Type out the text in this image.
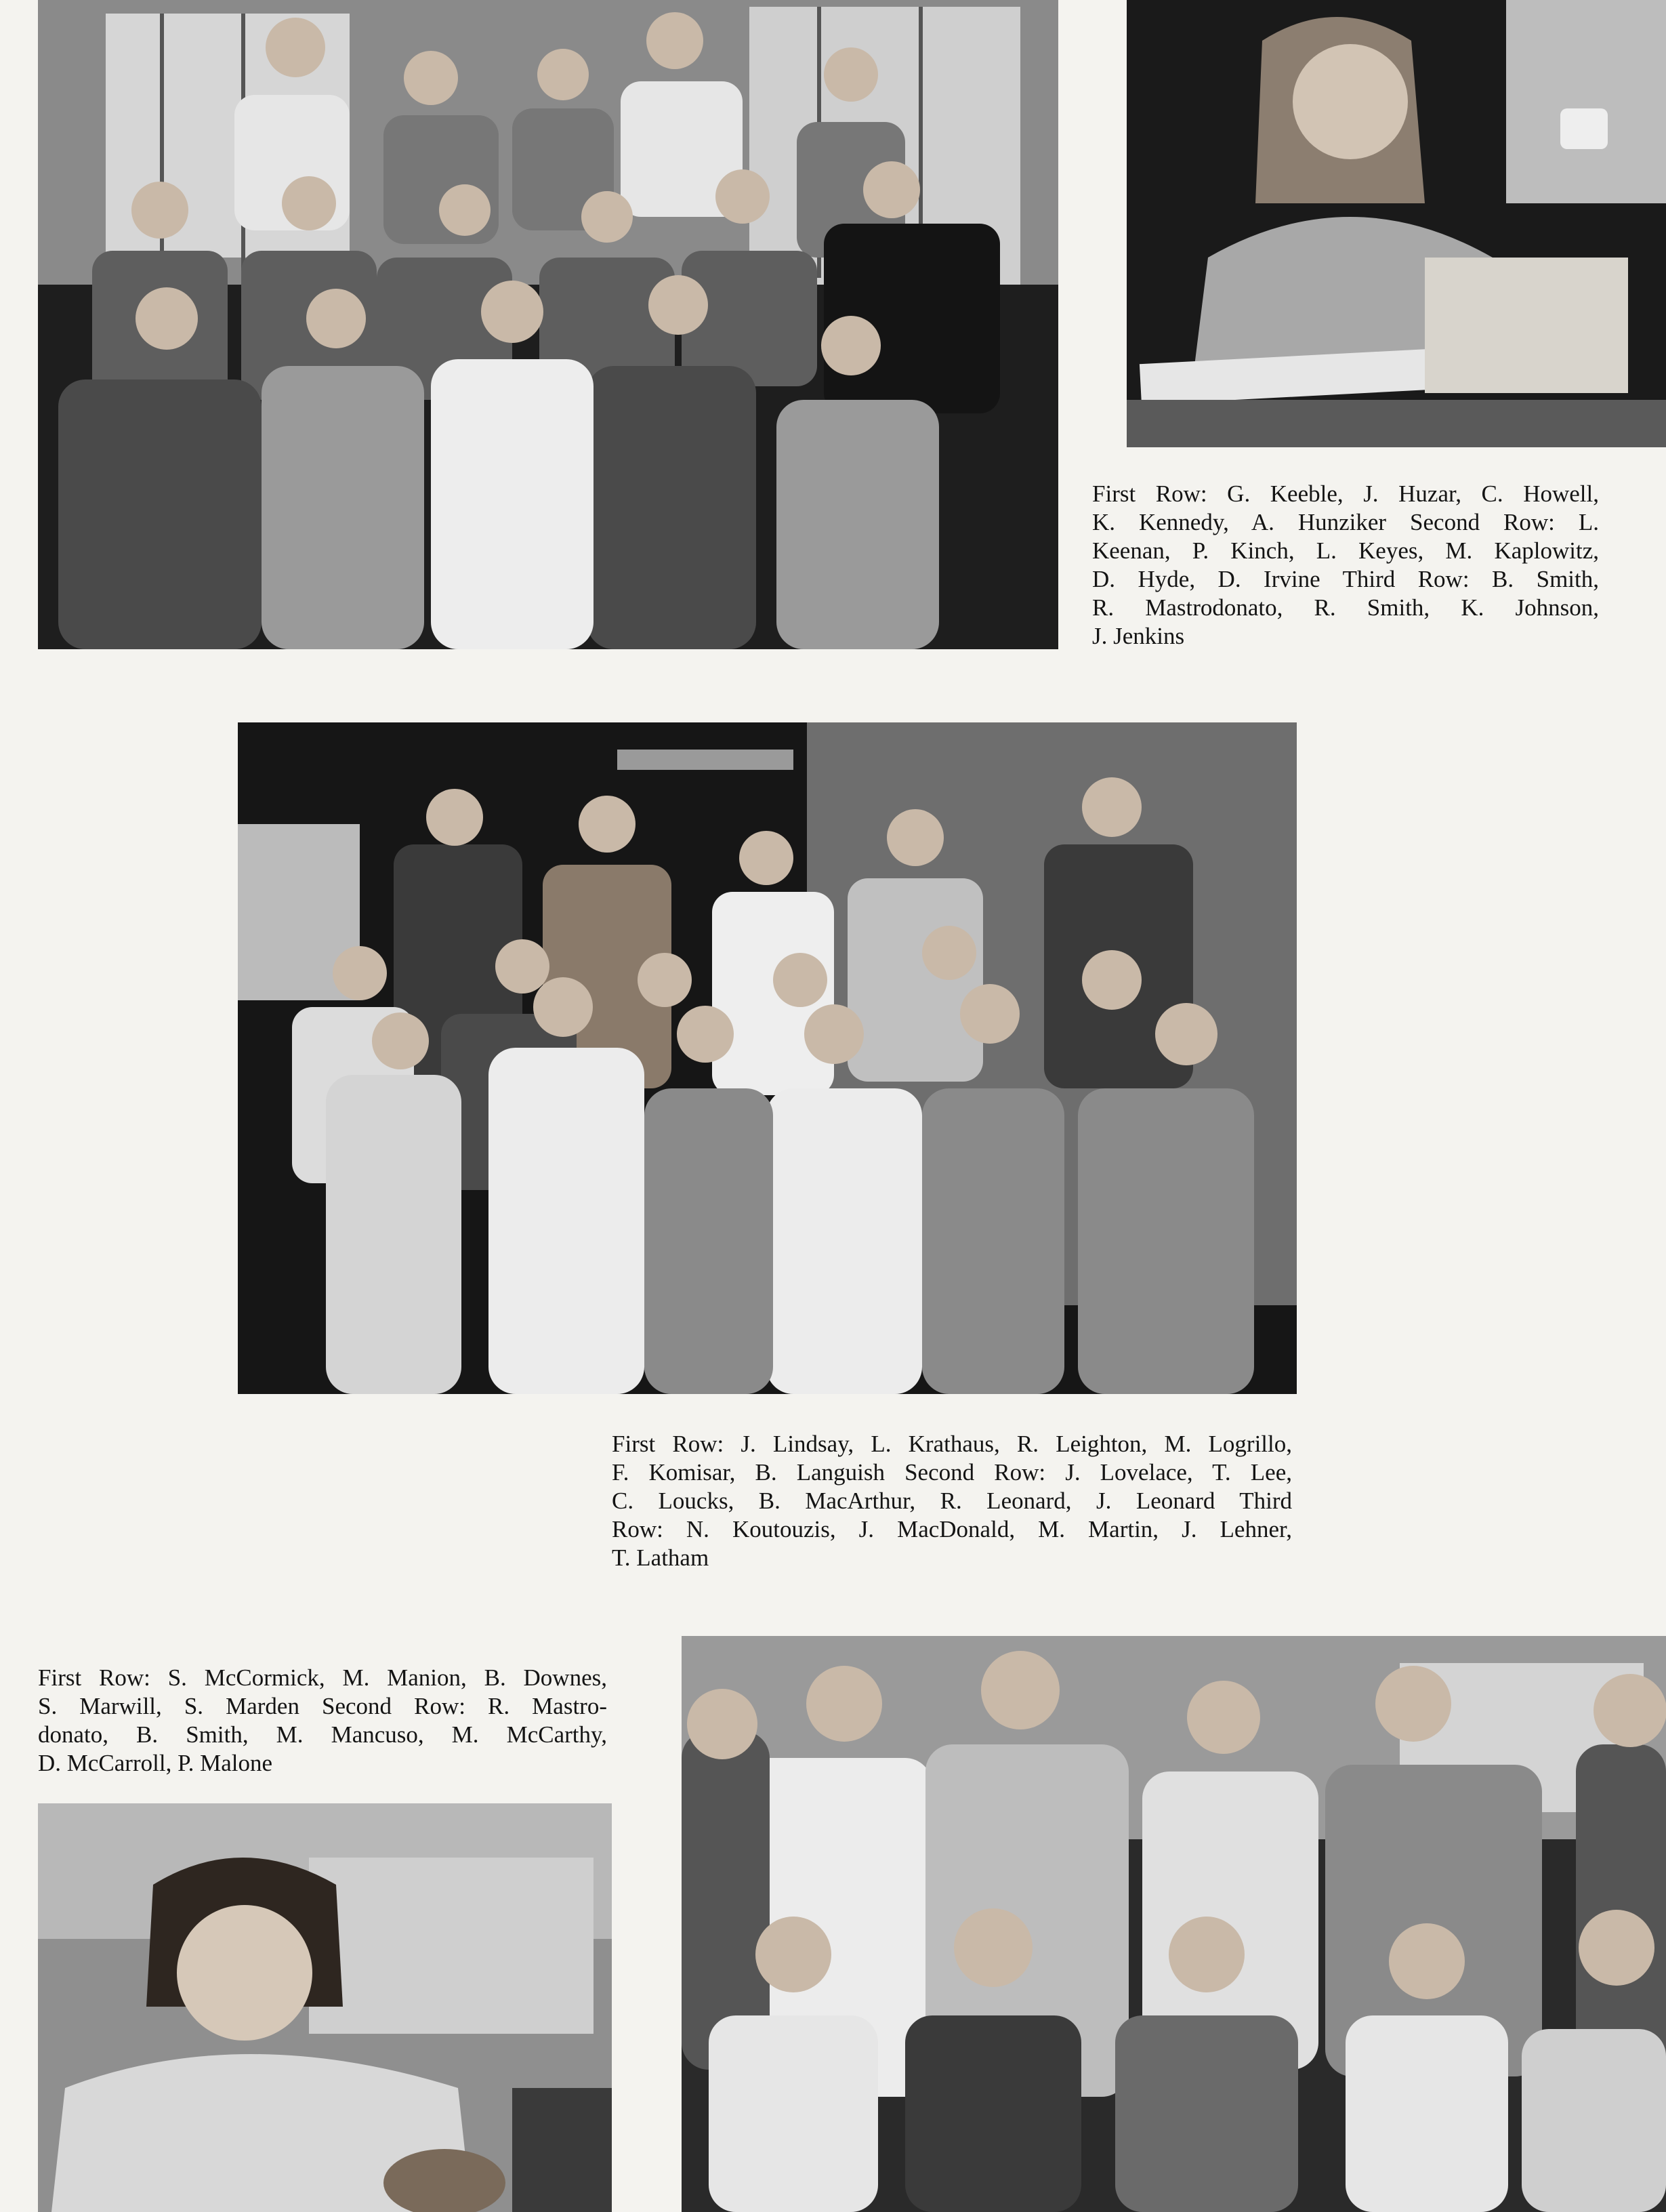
First Row: G. Keeble, J. Huzar, C. Howell,
K. Kennedy, A. Hunziker Second Row: L.
Keenan, P. Kinch, L. Keyes, M. Kaplowitz,
D. Hyde, D. Irvine Third Row: B. Smith,
R. Mastrodonato, R. Smith, K. Johnson,
J. Jenkins
First Row: J. Lindsay, L. Krathaus, R. Leighton, M. Logrillo,
F. Komisar, B. Languish Second Row: J. Lovelace, T. Lee,
C. Loucks, B. MacArthur, R. Leonard, J. Leonard Third
Row: N. Koutouzis, J. MacDonald, M. Martin, J. Lehner,
T. Latham
First Row: S. McCormick, M. Manion, B. Downes,
S. Marwill, S. Marden Second Row: R. Mastro-
donato, B. Smith, M. Mancuso, M. McCarthy,
D. McCarroll, P. Malone
